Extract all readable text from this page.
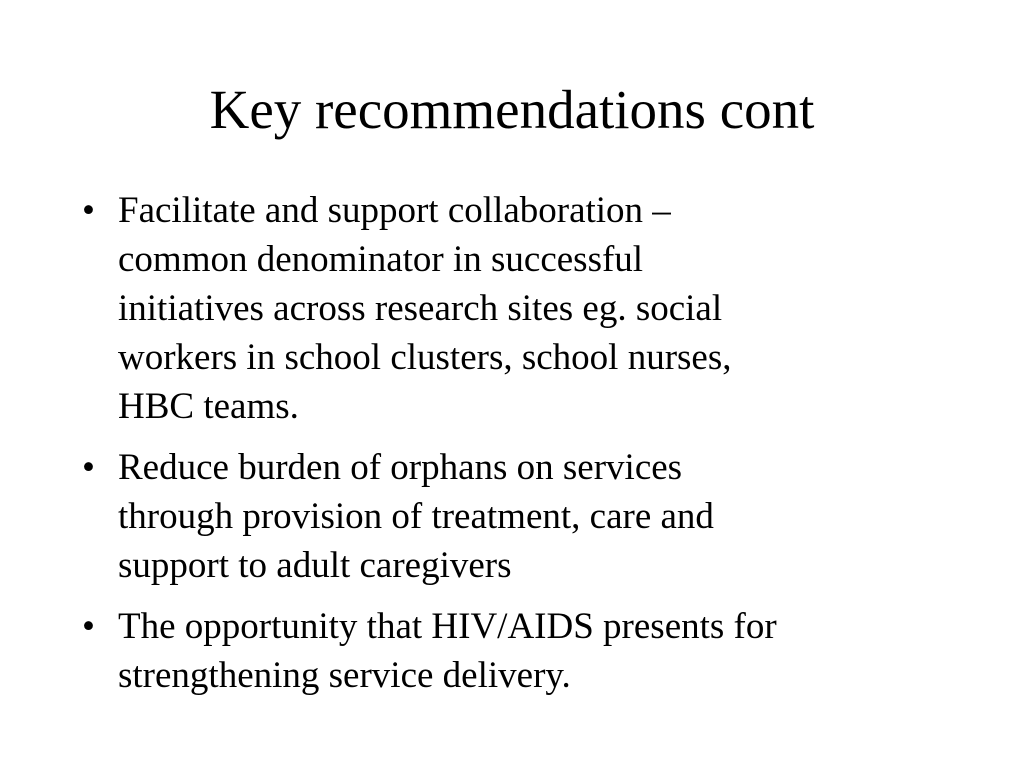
Key recommendations cont
• Facilitate and support collaboration –
common denominator in successful
initiatives across research sites eg. social
workers in school clusters, school nurses,
HBC teams.
• Reduce burden of orphans on services
through provision of treatment, care and
support to adult caregivers
• The opportunity that HIV/AIDS presents for
strengthening service delivery.
